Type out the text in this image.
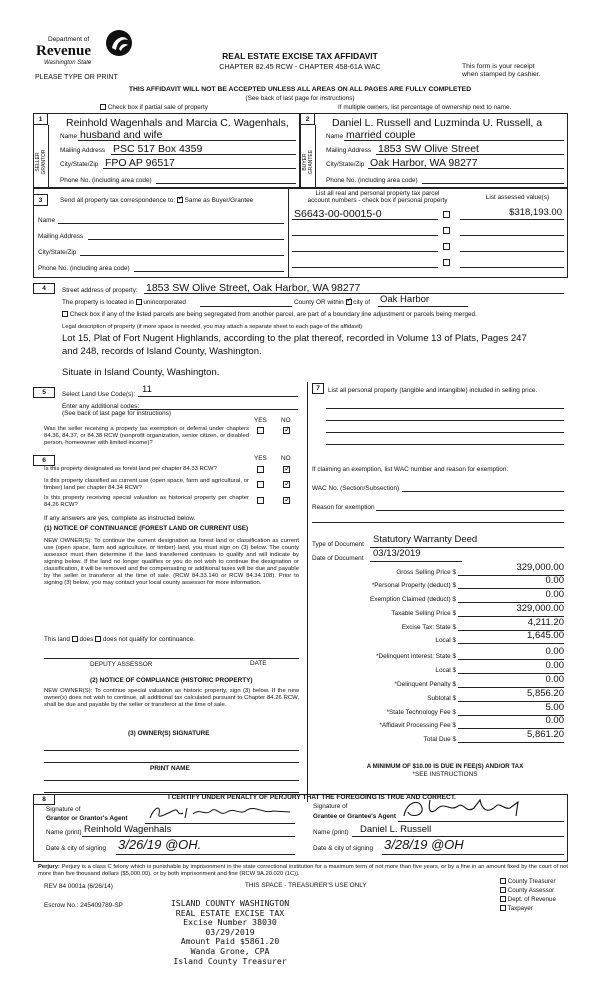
Department of
Revenue
Washington State
PLEASE TYPE OR PRINT
REAL ESTATE EXCISE TAX AFFIDAVIT
CHAPTER 82.45 RCW - CHAPTER 458-61A WAC	This form is your receipt
when stamped by cashier.
THIS AFFIDAVIT WILL NOT BE ACCEPTED UNLESS ALL AREAS ON ALL PAGES ARE FULLY COMPLETED
(See back of last page for instructions)
Check box if partial sale of property	If multiple owners, list percentage of ownership next to name.
1	2
SELLER GRANTOR	BUYER GRANTEE
Reinhold Wagenhals and Marcia C. Wagenhals,
Name husband and wife
Mailing Address PSC 517 Box 4359
City/State/Zip FPO AP 96517
Phone No. (including area code)
Daniel L. Russell and Luzminda U. Russell, a
Name married couple
Mailing Address 1853 SW Olive Street
City/State/Zip Oak Harbor, WA 98277
Phone No. (including area code)
3	Send all property tax correspondence to: ✓ Same as Buyer/Grantee
List all real and personal property tax parcel
account numbers - check box if personal property	List assessed value(s)
Name
Mailing Address
City/State/Zip
Phone No. (including area code)
S6643-00-00015-0	$318,193.00
4	Street address of property: 1853 SW Olive Street, Oak Harbor, WA 98277
The property is located in unincorporated	County OR within ✓ city of Oak Harbor
Check box if any of the listed parcels are being segregated from another parcel, are part of a boundary line adjustment or parcels being merged.
Legal description of property (if more space is needed, you may attach a separate sheet to each page of the affidavit)
Lot 15, Plat of Fort Nugent Highlands, according to the plat thereof, recorded in Volume 13 of Plats, Pages 247
and 248, records of Island County, Washington.
Situate in Island County, Washington.
5	Select Land Use Code(s): 11
Enter any additional codes:
(See back of last page for instructions)
YES NO
Was the seller receiving a property tax exemption or deferral under chapters 84.36, 84.37, or 84.38 RCW (nonprofit organization, senior citizen, or disabled person, homeowner with limited income)?
✓
6	YES NO
Is this property designated as forest land per chapter 84.33 RCW?
✓
Is this property classified as current use (open space, farm and agricultural, or timber) land per chapter 84.34 RCW?
✓
Is this property receiving special valuation as historical property per chapter 84.26 RCW?
✓
If any answers are yes, complete as instructed below.
(1) NOTICE OF CONTINUANCE (FOREST LAND OR CURRENT USE)
NEW OWNER(S): To continue the current designation as forest land or classification as current use (open space, farm and agriculture, or timber) land, you must sign on (3) below. The county assessor must then determine if the land transferred continues to qualify and will indicate by signing below. If the land no longer qualifies or you do not wish to continue the designation or classification, it will be removed and the compensating or additional taxes will be due and payable by the seller or transferor at the time of sale. (RCW 84.33.140 or RCW 84.34.108). Prior to signing (3) below, you may contact your local county assessor for more information.
This land does does not qualify for continuance.
DEPUTY ASSESSOR	DATE
(2) NOTICE OF COMPLIANCE (HISTORIC PROPERTY)
NEW OWNER(S): To continue special valuation as historic property, sign (3) below. If the new owner(s) does not wish to continue, all additional tax calculated pursuant to Chapter 84.26 RCW, shall be due and payable by the seller or transferor at the time of sale.
(3) OWNER(S) SIGNATURE
PRINT NAME
7	List all personal property (tangible and intangible) included in selling price.
If claiming an exemption, list WAC number and reason for exemption:
WAC No. (Section/Subsection)
Reason for exemption
Type of Document Statutory Warranty Deed
Date of Document 03/13/2019
Gross Selling Price $	329,000.00
*Personal Property (deduct) $	0.00
Exemption Claimed (deduct) $	0.00
Taxable Selling Price $	329,000.00
Excise Tax: State $	4,211.20
Local $	1,645.00
*Delinquent Interest: State $	0.00
Local $	0.00
*Delinquent Penalty $	0.00
Subtotal $	5,856.20
*State Technology Fee $	5.00
*Affidavit Processing Fee $	0.00
Total Due $	5,861.20
A MINIMUM OF $10.00 IS DUE IN FEE(S) AND/OR TAX
*SEE INSTRUCTIONS
8	I CERTIFY UNDER PENALTY OF PERJURY THAT THE FOREGOING IS TRUE AND CORRECT.
Signature of
Grantor or Grantor's Agent
Name (print) Reinhold Wagenhals
Date & city of signing 3/26/19 @OH.
Signature of
Grantee or Grantee's Agent
Name (print) Daniel L. Russell
Date & city of signing 3/28/19 @OH
Perjury: Perjury is a class C felony which is punishable by imprisonment in the state correctional institution for a maximum term of not more than five years, or by a fine in an amount fixed by the court of not more than five thousand dollars ($5,000.00), or by both imprisonment and fine (RCW 9A.20.020 (1C)).
REV 84 0001a (6/26/14)	THIS SPACE - TREASURER'S USE ONLY
County Treasurer
County Assessor
Dept. of Revenue
Taxpayer
Escrow No.: 245409789-SP	ISLAND COUNTY WASHINGTON
REAL ESTATE EXCISE TAX
Excise Number 38030
03/29/2019
Amount Paid $5861.20
Wanda Grone, CPA
Island County Treasurer
